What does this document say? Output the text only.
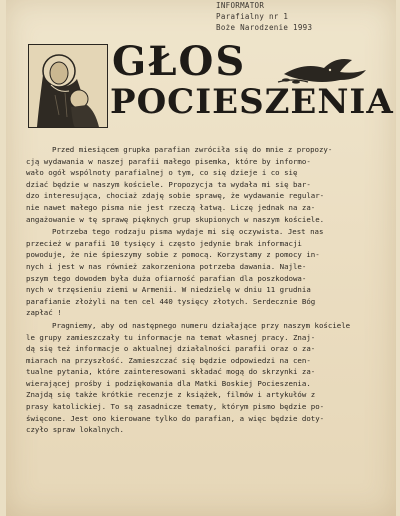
INFORMATOR
Parafialny nr 1
Boże Narodzenie 1993
GŁOS
POCIESZENIA

Przed miesiącem grupka parafian zwróciła się do mnie z propozy-
cją wydawania w naszej parafii małego pisemka, które by informo-
wało ogół wspólnoty parafialnej o tym, co się dzieje i co się
dziać będzie w naszym kościele. Propozycja ta wydała mi się bar-
dzo interesująca, chociaż zdaję sobie sprawę, że wydawanie regular-
nie nawet małego pisma nie jest rzeczą łatwą. Liczę jednak na za-
angażowanie w tę sprawę pięknych grup skupionych w naszym kościele.

Potrzeba tego rodzaju pisma wydaje mi się oczywista. Jest nas
przecież w parafii 10 tysięcy i często jedynie brak informacji
powoduje, że nie śpieszymy sobie z pomocą. Korzystamy z pomocy in-
nych i jest w nas również zakorzeniona potrzeba dawania. Najle-
pszym tego dowodem była duża ofiarność parafian dla poszkodowa-
nych w trzęsieniu ziemi w Armenii. W niedzielę w dniu 11 grudnia
parafianie złożyli na ten cel 440 tysięcy złotych. Serdecznie Bóg
zapłać !

Pragniemy, aby od następnego numeru działające przy naszym kościele
le grupy zamieszczały tu informacje na temat własnej pracy. Znaj-
dą się też informacje o aktualnej działalności parafii oraz o za-
miarach na przyszłość. Zamieszczać się będzie odpowiedzi na cen-
tualne pytania, które zainteresowani składać mogą do skrzynki za-
wierającej prośby i podziękowania dla Matki Boskiej Pocieszenia.
Znajdą się także krótkie recenzje z książek, filmów i artykułów z
prasy katolickiej. To są zasadnicze tematy, którym pismo będzie po-
święcone. Jest ono kierowane tylko do parafian, a więc będzie doty-
czyło spraw lokalnych.
